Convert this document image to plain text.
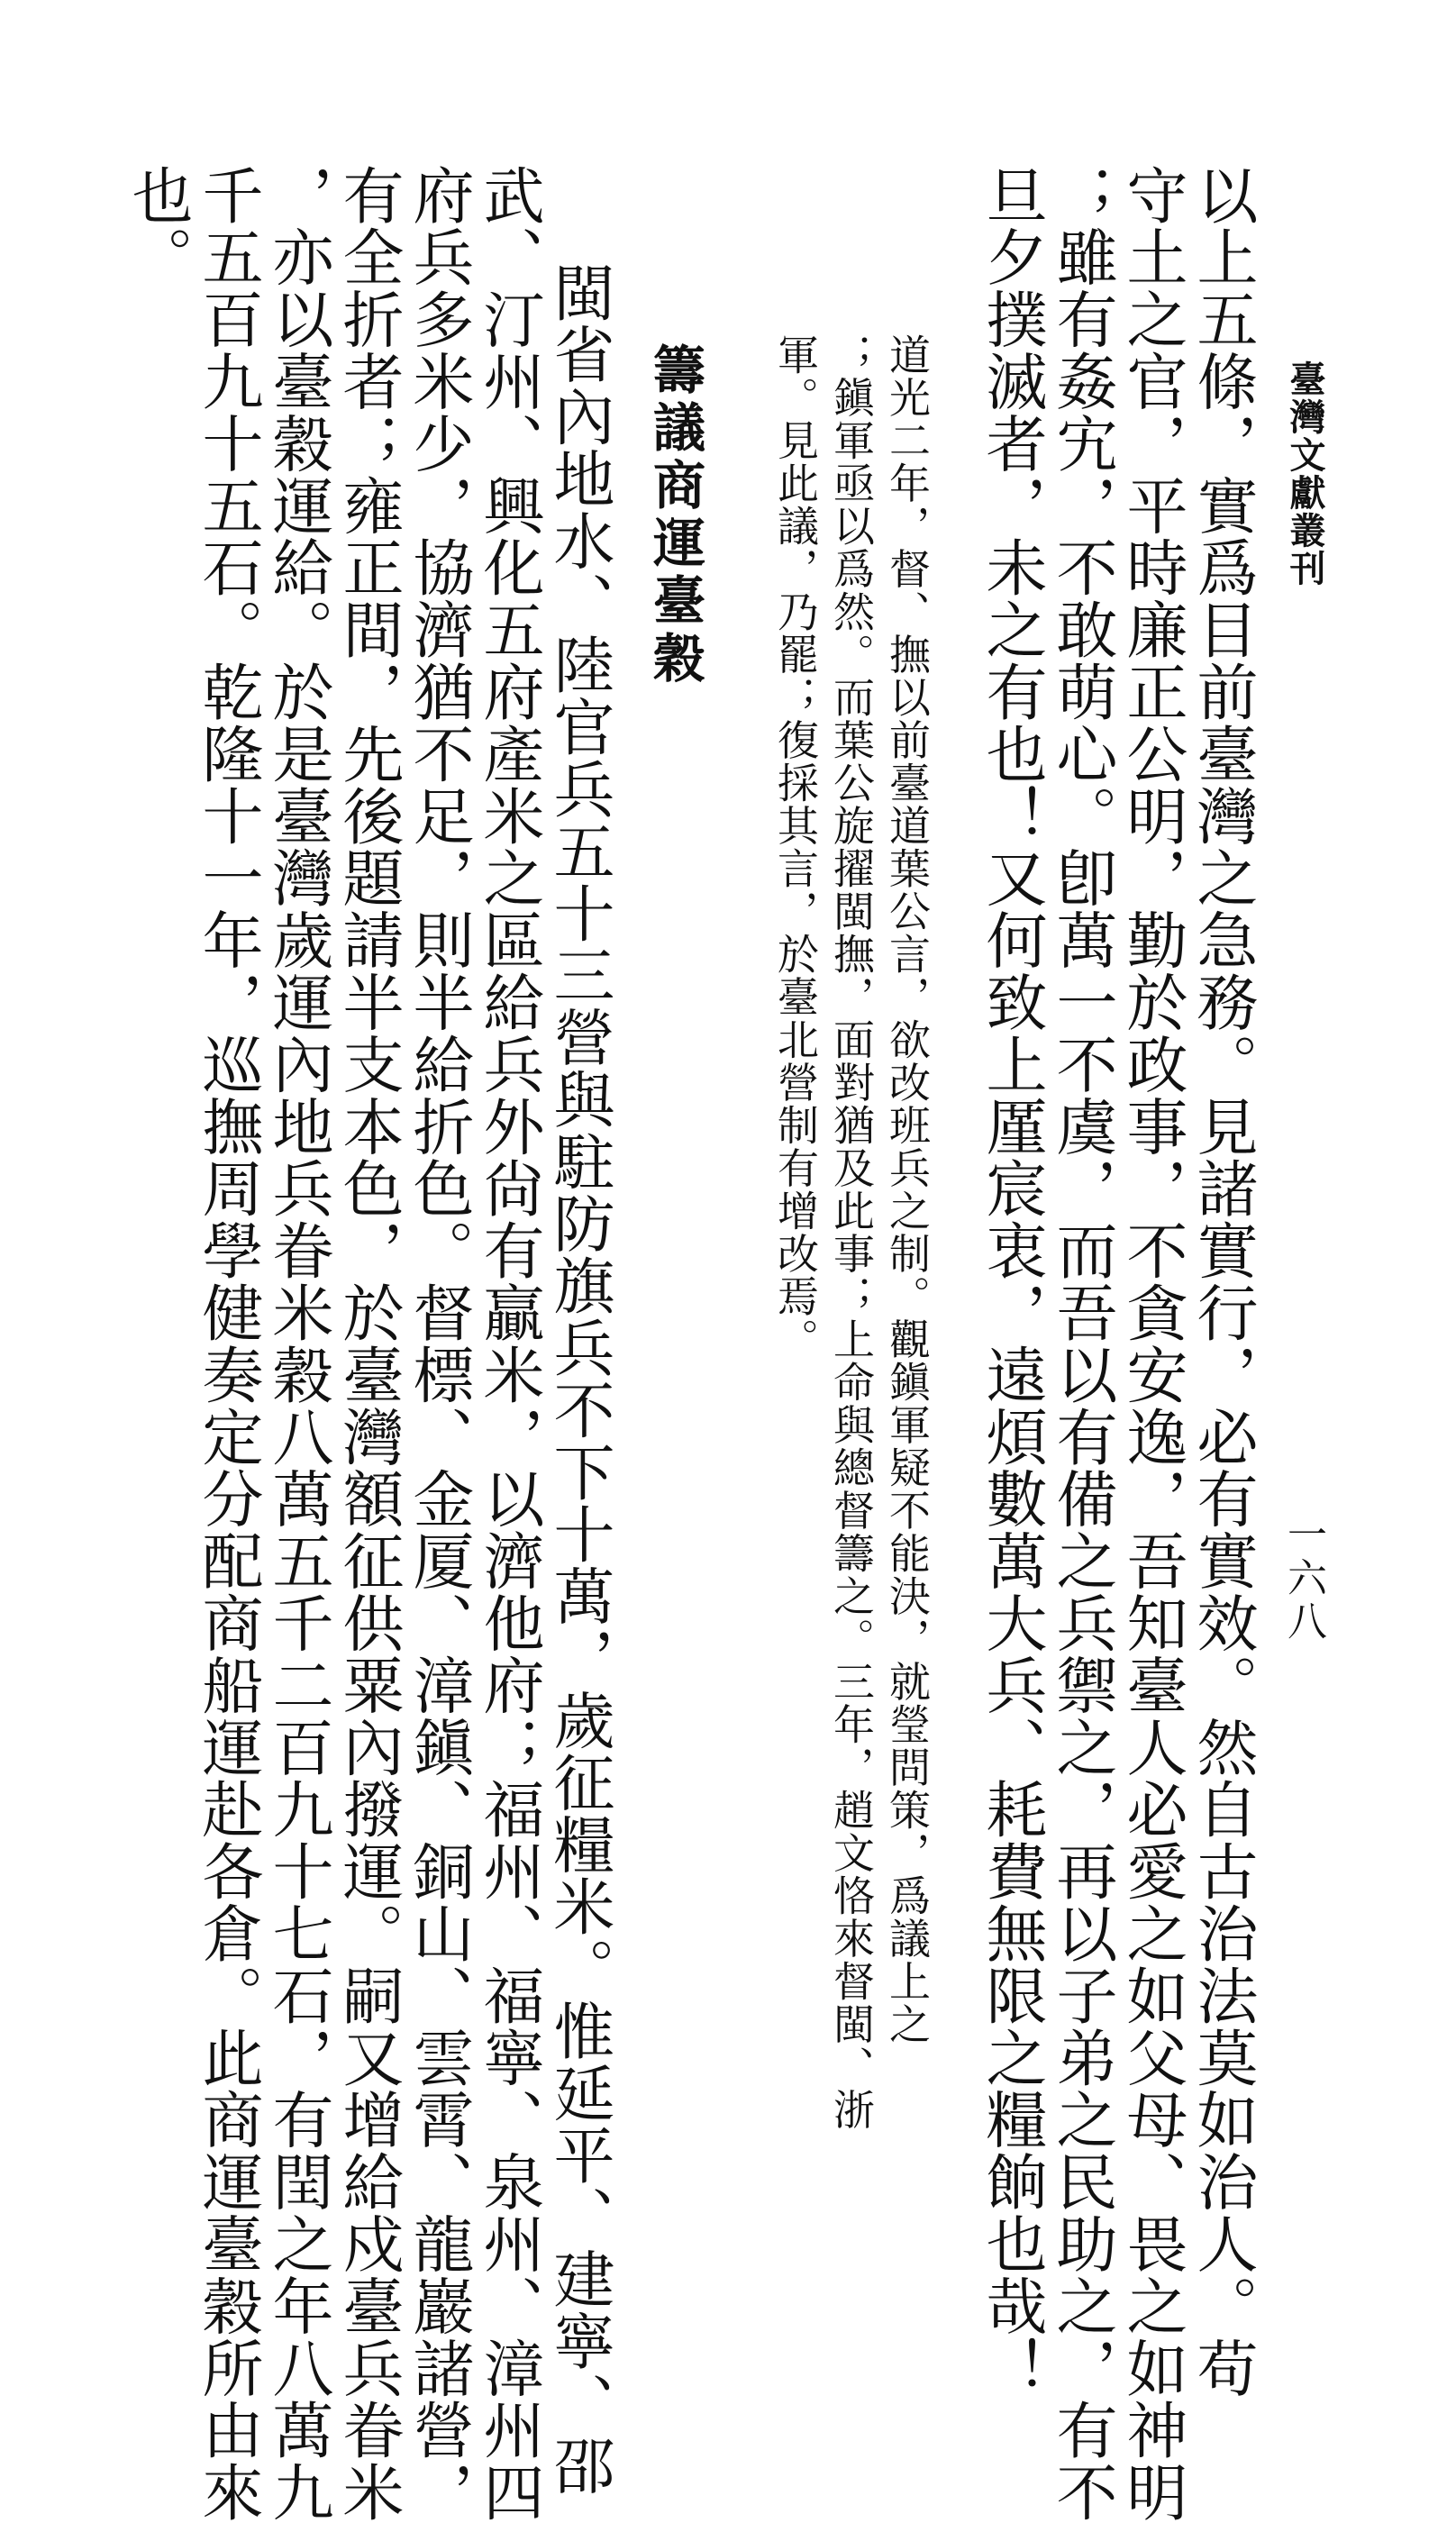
臺灣文獻叢刊
一六八
以上五條，實爲目前臺灣之急務。見諸實行，必有實效。然自古治法莫如治人。苟
守土之官，平時廉正公明，勤於政事，不貪安逸，吾知臺人必愛之如父母、畏之如神明
；雖有姦宄，不敢萌心。卽萬一不虞，而吾以有備之兵禦之，再以子弟之民助之，有不
旦夕撲滅者，未之有也！又何致上厪宸衷，遠煩數萬大兵、耗費無限之糧餉也哉！
道光二年，督、撫以前臺道葉公言，欲改班兵之制。觀鎭軍疑不能決，就瑩問策，爲議上之
；鎭軍亟以爲然。而葉公旋擢閩撫，面對猶及此事；上命與總督籌之。三年，趙文恪來督閩、浙
軍。見此議，乃罷；復採其言，於臺北營制有增改焉。
籌議商運臺穀
閩省內地水、陸官兵五十三營與駐防旗兵不下十萬，歲征糧米。惟延平、建寧、邵
武、汀州、興化五府產米之區給兵外尙有贏米，以濟他府；福州、福寧、泉州、漳州四
府兵多米少，協濟猶不足，則半給折色。督標、金厦、漳鎭、銅山、雲霄、龍巖諸營，
有全折者；雍正間，先後題請半支本色，於臺灣額征供粟內撥運。嗣又增給戍臺兵眷米
，亦以臺穀運給。於是臺灣歲運內地兵眷米穀八萬五千二百九十七石，有閏之年八萬九
千五百九十五石。乾隆十一年，巡撫周學健奏定分配商船運赴各倉。此商運臺穀所由來
也。
